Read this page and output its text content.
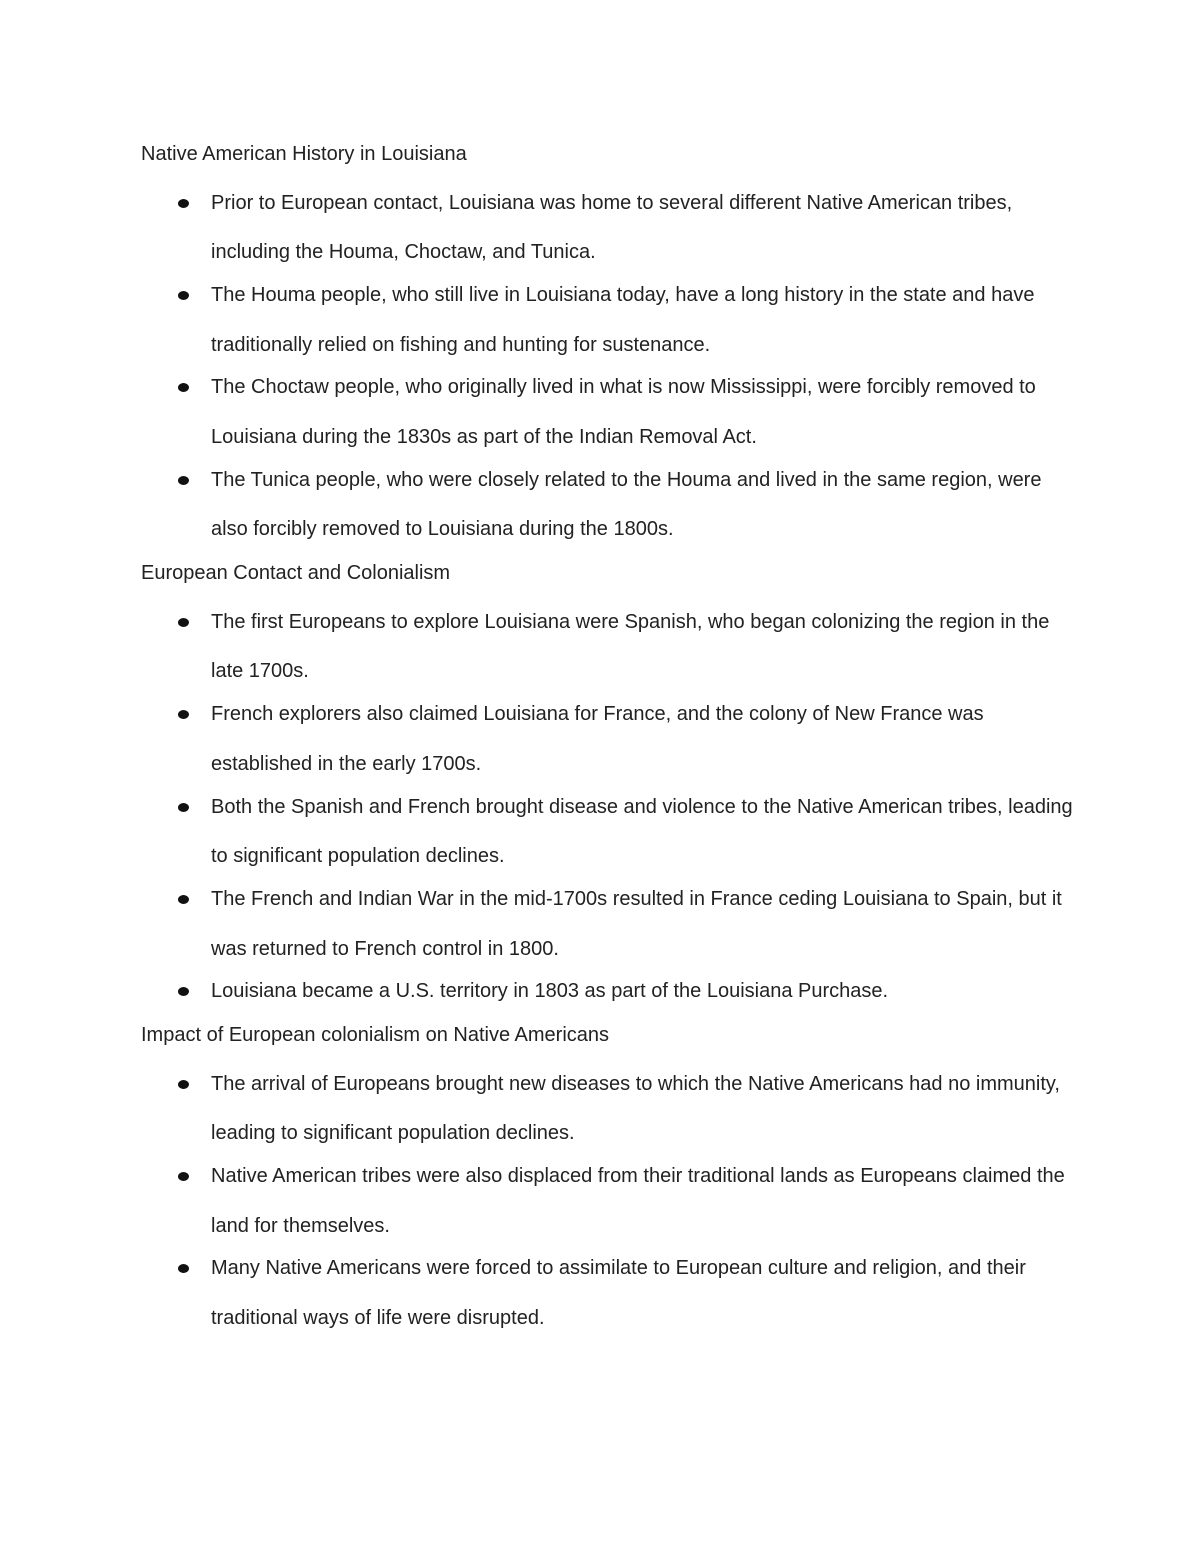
Native American History in Louisiana
Prior to European contact, Louisiana was home to several different Native American tribes, including the Houma, Choctaw, and Tunica.
The Houma people, who still live in Louisiana today, have a long history in the state and have traditionally relied on fishing and hunting for sustenance.
The Choctaw people, who originally lived in what is now Mississippi, were forcibly removed to Louisiana during the 1830s as part of the Indian Removal Act.
The Tunica people, who were closely related to the Houma and lived in the same region, were also forcibly removed to Louisiana during the 1800s.
European Contact and Colonialism
The first Europeans to explore Louisiana were Spanish, who began colonizing the region in the late 1700s.
French explorers also claimed Louisiana for France, and the colony of New France was established in the early 1700s.
Both the Spanish and French brought disease and violence to the Native American tribes, leading to significant population declines.
The French and Indian War in the mid-1700s resulted in France ceding Louisiana to Spain, but it was returned to French control in 1800.
Louisiana became a U.S. territory in 1803 as part of the Louisiana Purchase.
Impact of European colonialism on Native Americans
The arrival of Europeans brought new diseases to which the Native Americans had no immunity, leading to significant population declines.
Native American tribes were also displaced from their traditional lands as Europeans claimed the land for themselves.
Many Native Americans were forced to assimilate to European culture and religion, and their traditional ways of life were disrupted.
